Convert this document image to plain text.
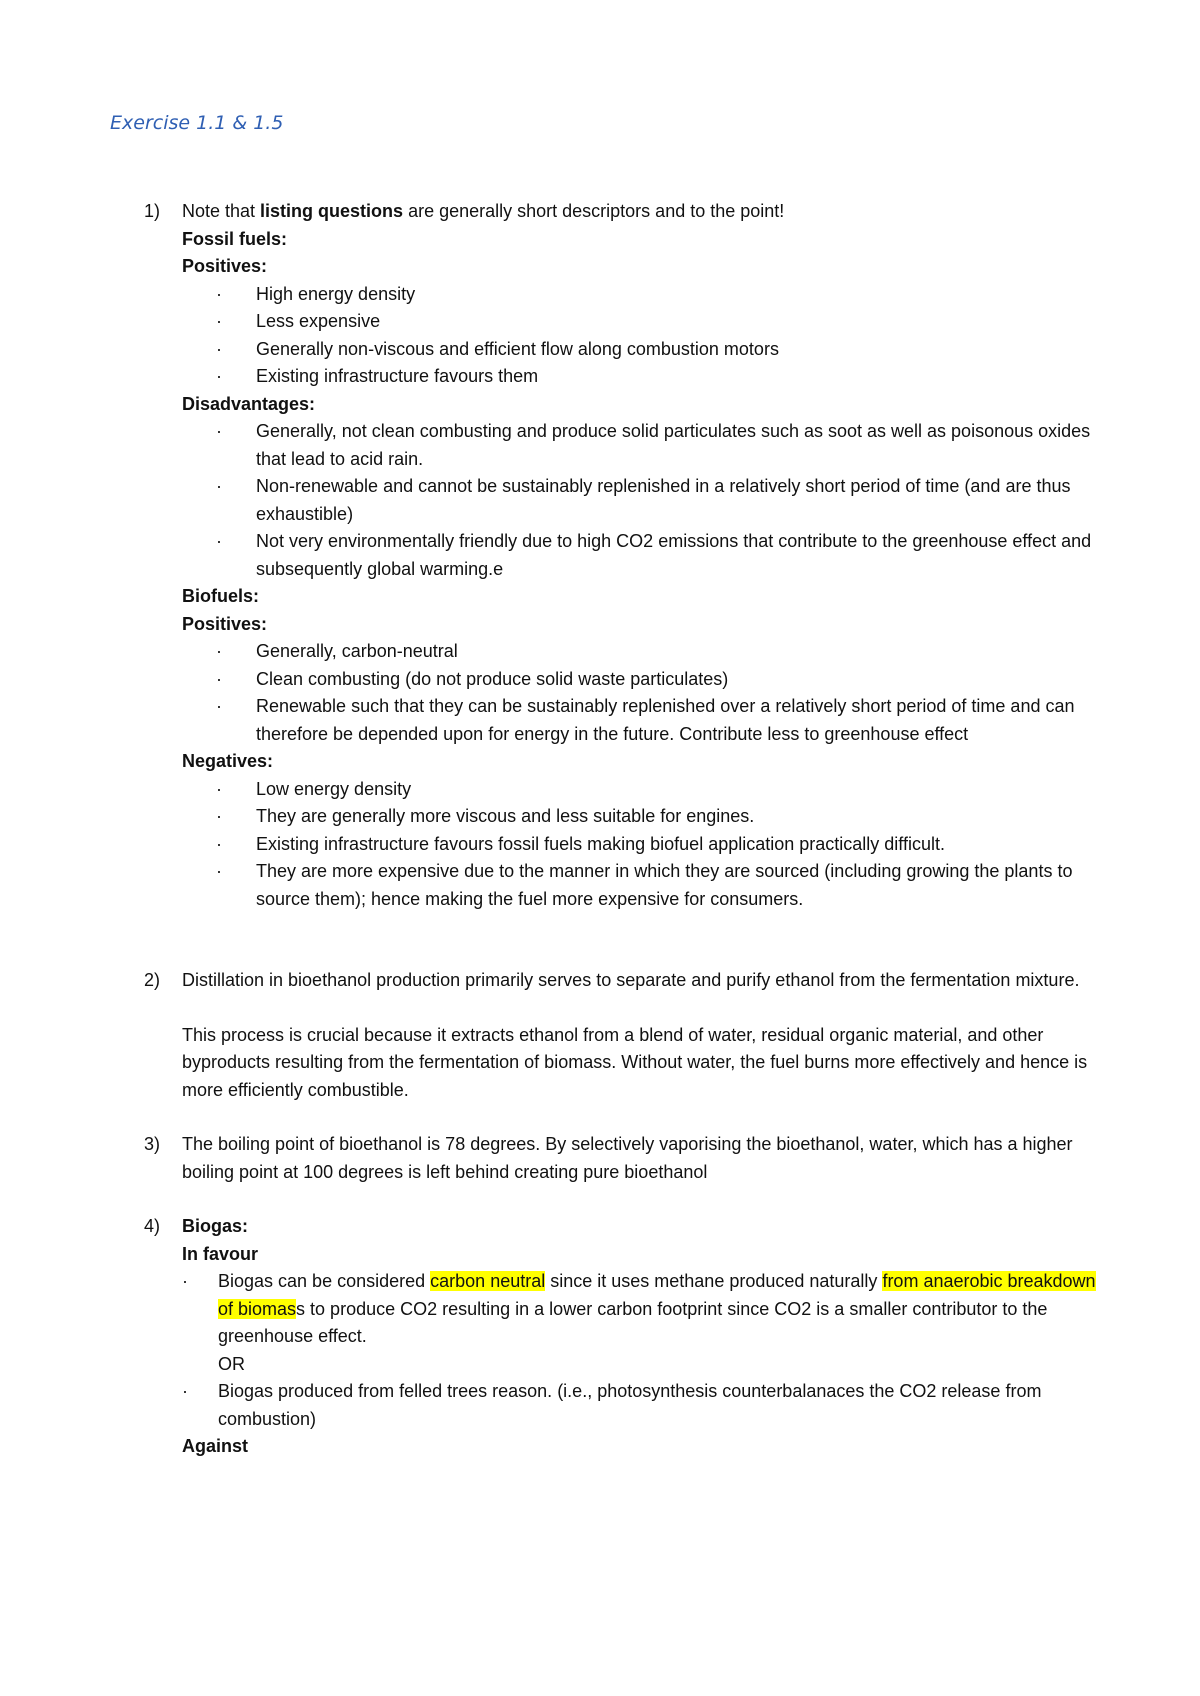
Exercise 1.1 & 1.5
1) Note that listing questions are generally short descriptors and to the point!

Fossil fuels:

Positives:

· High energy density
· Less expensive
· Generally non-viscous and efficient flow along combustion motors
· Existing infrastructure favours them

Disadvantages:

· Generally, not clean combusting and produce solid particulates such as soot as well as poisonous oxides that lead to acid rain.
· Non-renewable and cannot be sustainably replenished in a relatively short period of time (and are thus exhaustible)
· Not very environmentally friendly due to high CO2 emissions that contribute to the greenhouse effect and subsequently global warming.e

Biofuels:

Positives:

· Generally, carbon-neutral
· Clean combusting (do not produce solid waste particulates)
· Renewable such that they can be sustainably replenished over a relatively short period of time and can therefore be depended upon for energy in the future. Contribute less to greenhouse effect

Negatives:

· Low energy density
· They are generally more viscous and less suitable for engines.
· Existing infrastructure favours fossil fuels making biofuel application practically difficult.
· They are more expensive due to the manner in which they are sourced (including growing the plants to source them); hence making the fuel more expensive for consumers.
2) Distillation in bioethanol production primarily serves to separate and purify ethanol from the fermentation mixture.

This process is crucial because it extracts ethanol from a blend of water, residual organic material, and other byproducts resulting from the fermentation of biomass. Without water, the fuel burns more effectively and hence is more efficiently combustible.

3) The boiling point of bioethanol is 78 degrees. By selectively vaporising the bioethanol, water, which has a higher boiling point at 100 degrees is left behind creating pure bioethanol

4) Biogas:

In favour

· Biogas can be considered carbon neutral since it uses methane produced naturally from anaerobic breakdown of biomass to produce CO2 resulting in a lower carbon footprint since CO2 is a smaller contributor to the greenhouse effect.
OR
· Biogas produced from felled trees reason. (i.e., photosynthesis counterbalanaces the CO2 release from combustion)

Against
